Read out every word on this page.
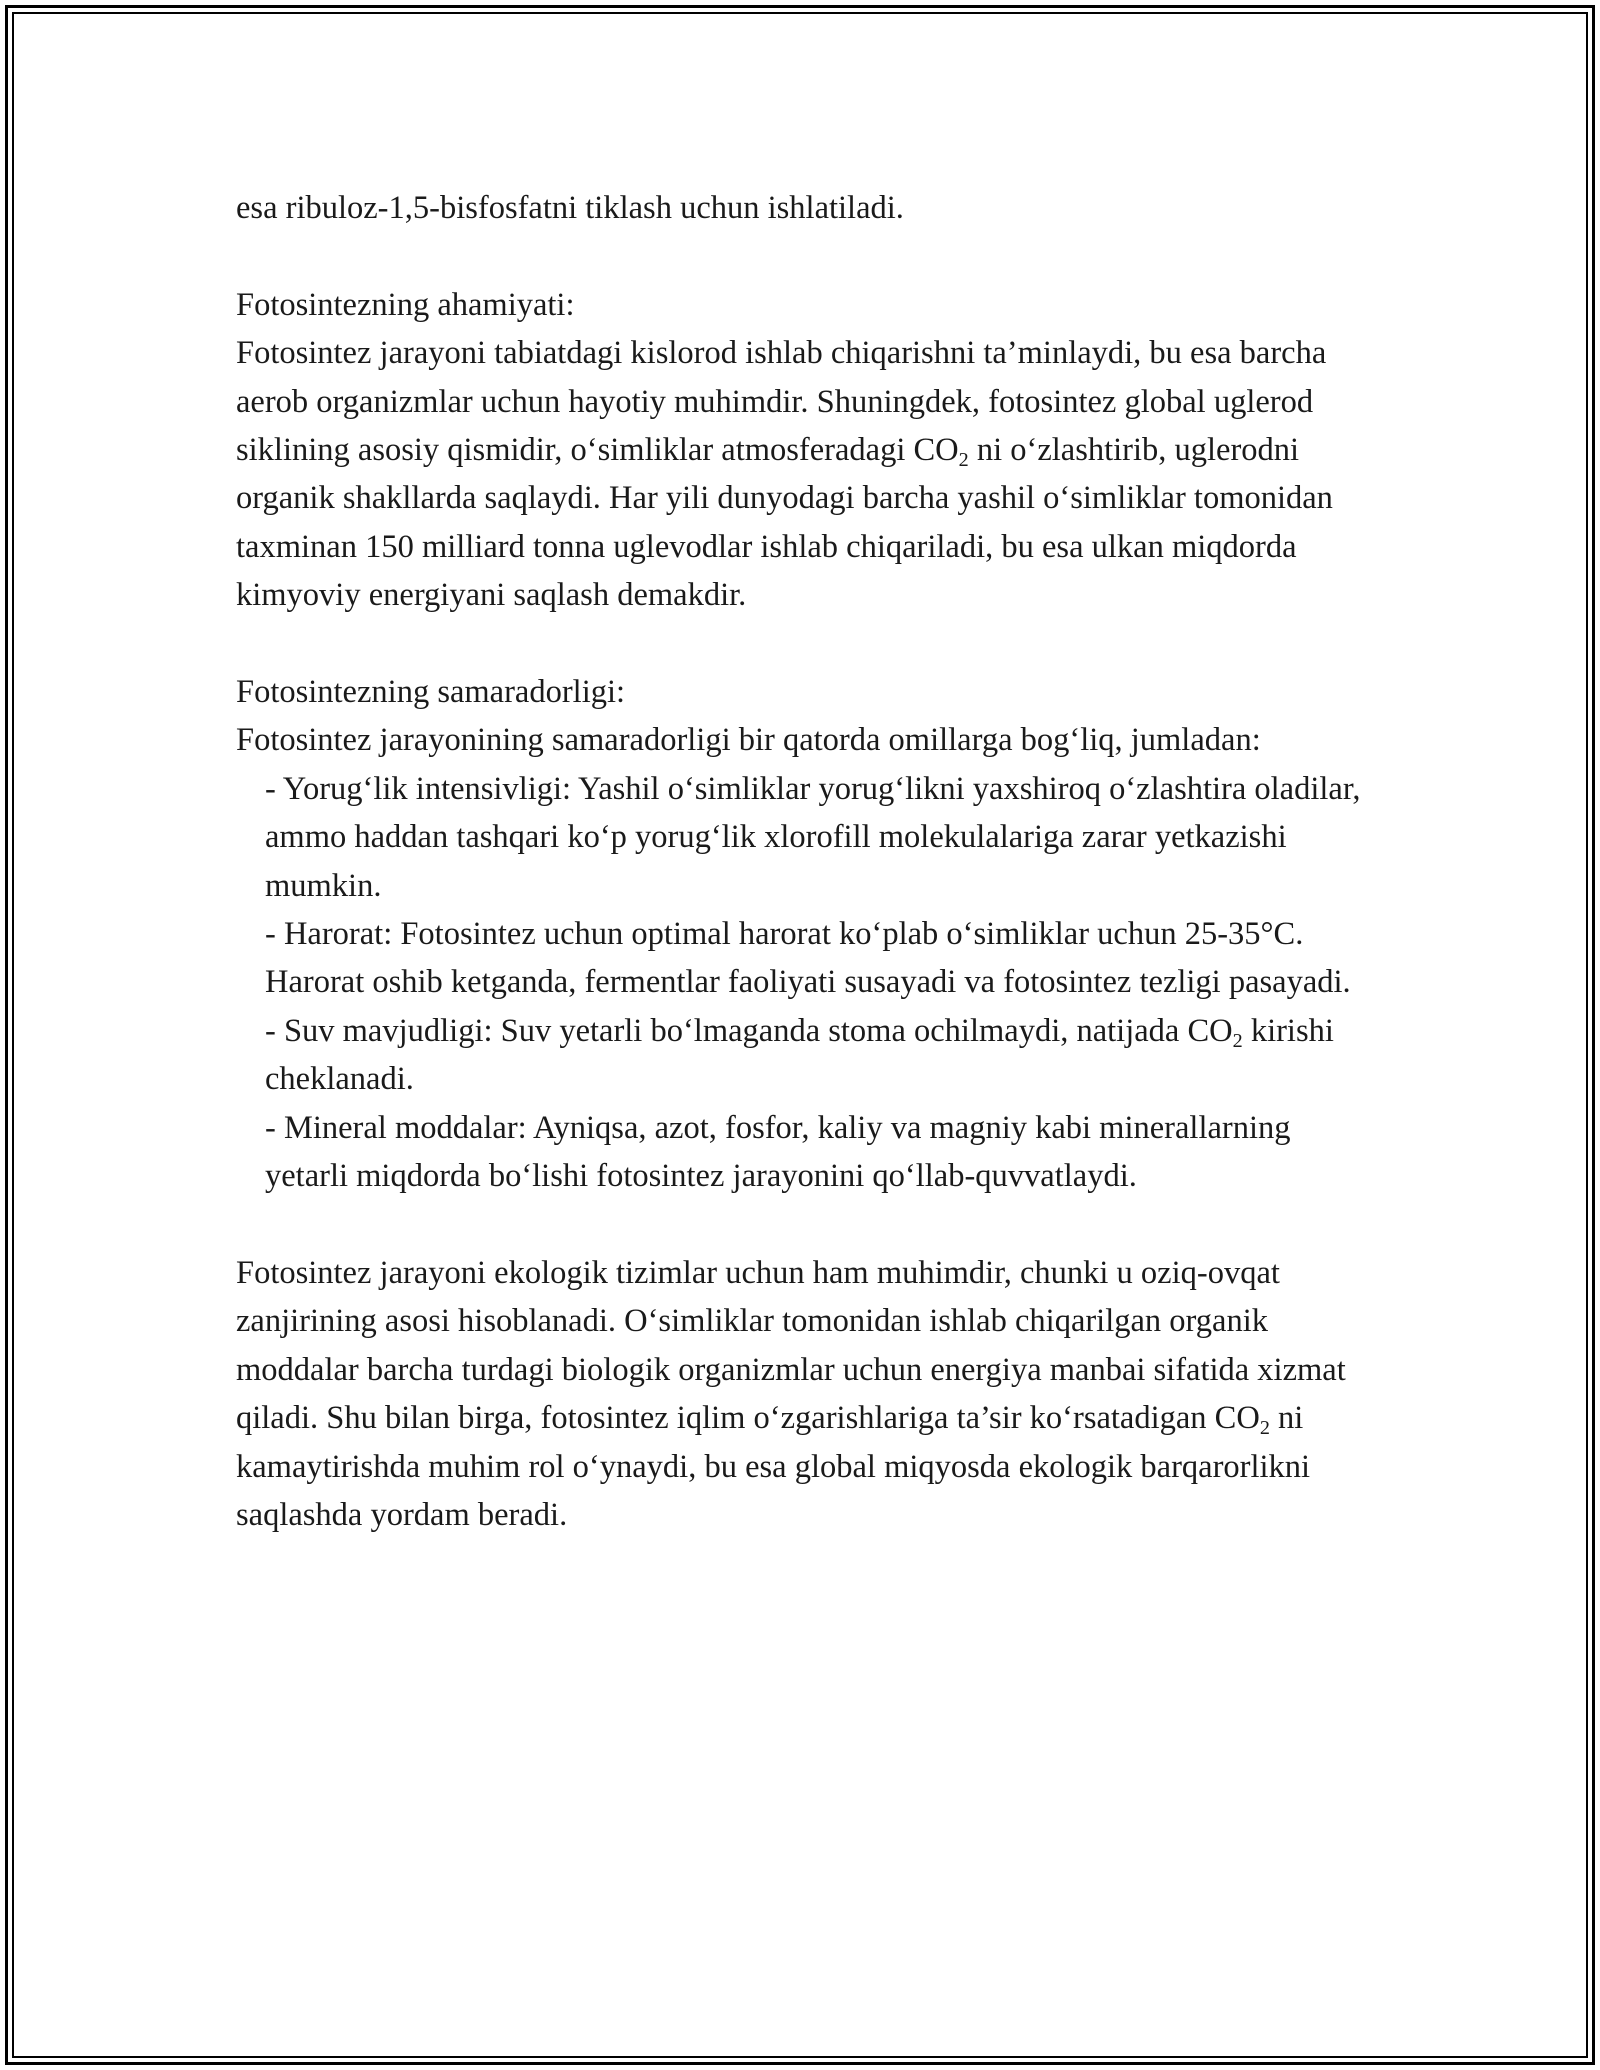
esa ribuloz-1,5-bisfosfatni tiklash uchun ishlatiladi.

Fotosintezning ahamiyati:

Fotosintez jarayoni tabiatdagi kislorod ishlab chiqarishni ta’minlaydi, bu esa barcha aerob organizmlar uchun hayotiy muhimdir. Shuningdek, fotosintez global uglerod siklining asosiy qismidir, o‘simliklar atmosferadagi $CO_2$ ni o‘zlashtirib, uglerodni organik shakllarda saqlaydi. Har yili dunyodagi barcha yashil o‘simliklar tomonidan taxminan 150 milliard tonna uglevodlar ishlab chiqariladi, bu esa ulkan miqdorda kimyoviy energiyani saqlash demakdir.

Fotosintezning samaradorligi:

Fotosintez jarayonining samaradorligi bir qatorda omillarga bog‘liq, jumladan:

- Yorug‘lik intensivligi: Yashil o‘simliklar yorug‘likni yaxshiroq o‘zlashtira oladilar, ammo haddan tashqari ko‘p yorug‘lik xlorofill molekulalariga zarar yetkazishi mumkin.

- Harorat: Fotosintez uchun optimal harorat ko‘plab o‘simliklar uchun 25-35°C. Harorat oshib ketganda, fermentlar faoliyati susayadi va fotosintez tezligi pasayadi.

- Suv mavjudligi: Suv yetarli bo‘lmaganda stoma ochilmaydi, natijada $CO_2$ kirishi cheklanadi.

- Mineral moddalar: Ayniqsa, azot, fosfor, kaliy va magniy kabi minerallarning yetarli miqdorda bo‘lishi fotosintez jarayonini qo‘llab-quvvatlaydi.

Fotosintez jarayoni ekologik tizimlar uchun ham muhimdir, chunki u oziq-ovqat zanjirining asosi hisoblanadi. O‘simliklar tomonidan ishlab chiqarilgan organik moddalar barcha turdagi biologik organizmlar uchun energiya manbai sifatida xizmat qiladi. Shu bilan birga, fotosintez iqlim o‘zgarishlariga ta’sir ko‘rsatadigan $CO_2$ ni kamaytirishda muhim rol o‘ynaydi, bu esa global miqyosda ekologik barqarorlikni saqlashda yordam beradi.
